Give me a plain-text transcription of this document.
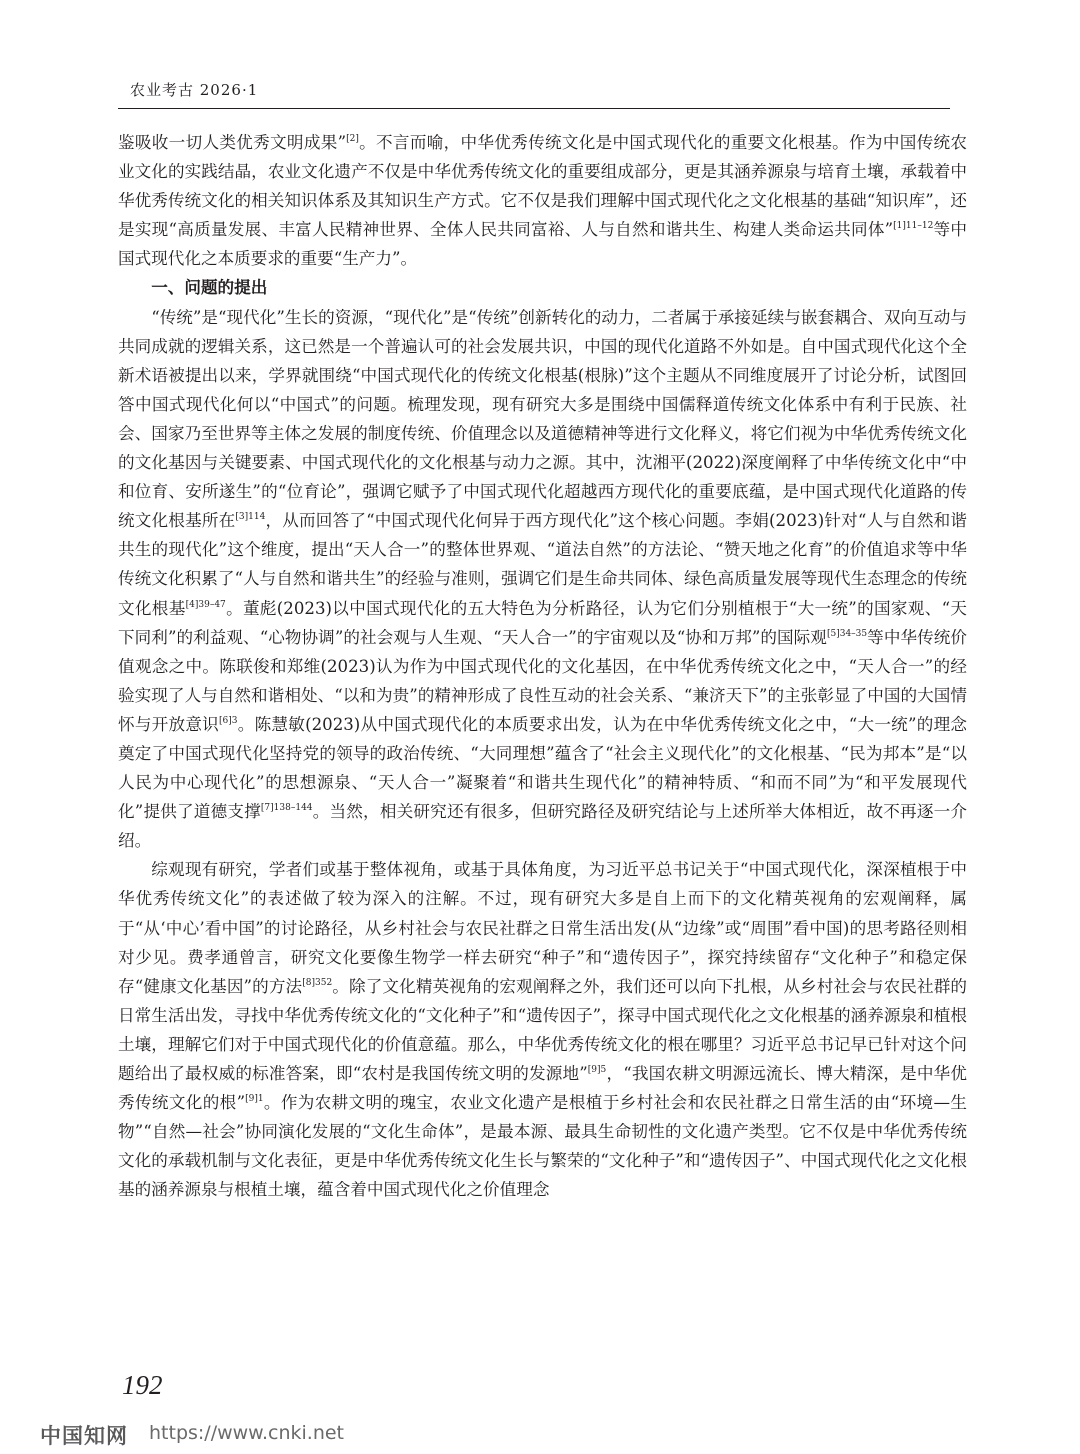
农业考古 2026·1

鉴吸收一切人类优秀文明成果”[2]。不言而喻，中华优秀传统文化是中国式现代化的重要文化根基。作为中国传统农业文化的实践结晶，农业文化遗产不仅是中华优秀传统文化的重要组成部分，更是其涵养源泉与培育土壤，承载着中华优秀传统文化的相关知识体系及其知识生产方式。它不仅是我们理解中国式现代化之文化根基的基础“知识库”，还是实现“高质量发展、丰富人民精神世界、全体人民共同富裕、人与自然和谐共生、构建人类命运共同体”$^{[1]11-12}$等中国式现代化之本质要求的重要“生产力”。

一、问题的提出

“传统”是“现代化”生长的资源，“现代化”是“传统”创新转化的动力，二者属于承接延续与嵌套耦合、双向互动与共同成就的逻辑关系，这已然是一个普遍认可的社会发展共识，中国的现代化道路不外如是。自中国式现代化这个全新术语被提出以来，学界就围绕“中国式现代化的传统文化根基(根脉)”这个主题从不同维度展开了讨论分析，试图回答中国式现代化何以“中国式”的问题。梳理发现，现有研究大多是围绕中国儒释道传统文化体系中有利于民族、社会、国家乃至世界等主体之发展的制度传统、价值理念以及道德精神等进行文化释义，将它们视为中华优秀传统文化的文化基因与关键要素、中国式现代化的文化根基与动力之源。其中，沈湘平(2022)深度阐释了中华传统文化中“中和位育、安所遂生”的“位育论”，强调它赋予了中国式现代化超越西方现代化的重要底蕴，是中国式现代化道路的传统文化根基所在$^{[3]114}$，从而回答了“中国式现代化何异于西方现代化”这个核心问题。李娟(2023)针对“人与自然和谐共生的现代化”这个维度，提出“天人合一”的整体世界观、“道法自然”的方法论、“赞天地之化育”的价值追求等中华传统文化积累了“人与自然和谐共生”的经验与准则，强调它们是生命共同体、绿色高质量发展等现代生态理念的传统文化根基$^{[4]39-47}$。董彪(2023)以中国式现代化的五大特色为分析路径，认为它们分别植根于“大一统”的国家观、“天下同利”的利益观、“心物协调”的社会观与人生观、“天人合一”的宇宙观以及“协和万邦”的国际观$^{[5]34-35}$等中华传统价值观念之中。陈联俊和郑维(2023)认为作为中国式现代化的文化基因，在中华优秀传统文化之中，“天人合一”的经验实现了人与自然和谐相处、“以和为贵”的精神形成了良性互动的社会关系、“兼济天下”的主张彰显了中国的大国情怀与开放意识$^{[6]3}$。陈慧敏(2023)从中国式现代化的本质要求出发，认为在中华优秀传统文化之中，“大一统”的理念奠定了中国式现代化坚持党的领导的政治传统、“大同理想”蕴含了“社会主义现代化”的文化根基、“民为邦本”是“以人民为中心现代化”的思想源泉、“天人合一”凝聚着“和谐共生现代化”的精神特质、“和而不同”为“和平发展现代化”提供了道德支撑$^{[7]138-144}$。当然，相关研究还有很多，但研究路径及研究结论与上述所举大体相近，故不再逐一介绍。

综观现有研究，学者们或基于整体视角，或基于具体角度，为习近平总书记关于“中国式现代化，深深植根于中华优秀传统文化”的表述做了较为深入的注解。不过，现有研究大多是自上而下的文化精英视角的宏观阐释，属于“从‘中心’看中国”的讨论路径，从乡村社会与农民社群之日常生活出发(从“边缘”或“周围”看中国)的思考路径则相对少见。费孝通曾言，研究文化要像生物学一样去研究“种子”和“遗传因子”，探究持续留存“文化种子”和稳定保存“健康文化基因”的方法$^{[8]352}$。除了文化精英视角的宏观阐释之外，我们还可以向下扎根，从乡村社会与农民社群的日常生活出发，寻找中华优秀传统文化的“文化种子”和“遗传因子”，探寻中国式现代化之文化根基的涵养源泉和植根土壤，理解它们对于中国式现代化的价值意蕴。那么，中华优秀传统文化的根在哪里？习近平总书记早已针对这个问题给出了最权威的标准答案，即“农村是我国传统文明的发源地”$^{[9]5}$，“我国农耕文明源远流长、博大精深，是中华优秀传统文化的根”$^{[9]1}$。作为农耕文明的瑰宝，农业文化遗产是根植于乡村社会和农民社群之日常生活的由“环境—生物”“自然—社会”协同演化发展的“文化生命体”，是最本源、最具生命韧性的文化遗产类型。它不仅是中华优秀传统文化的承载机制与文化表征，更是中华优秀传统文化生长与繁荣的“文化种子”和“遗传因子”、中国式现代化之文化根基的涵养源泉与根植土壤，蕴含着中国式现代化之价值理念

192
中国知网 https://www.cnki.net
